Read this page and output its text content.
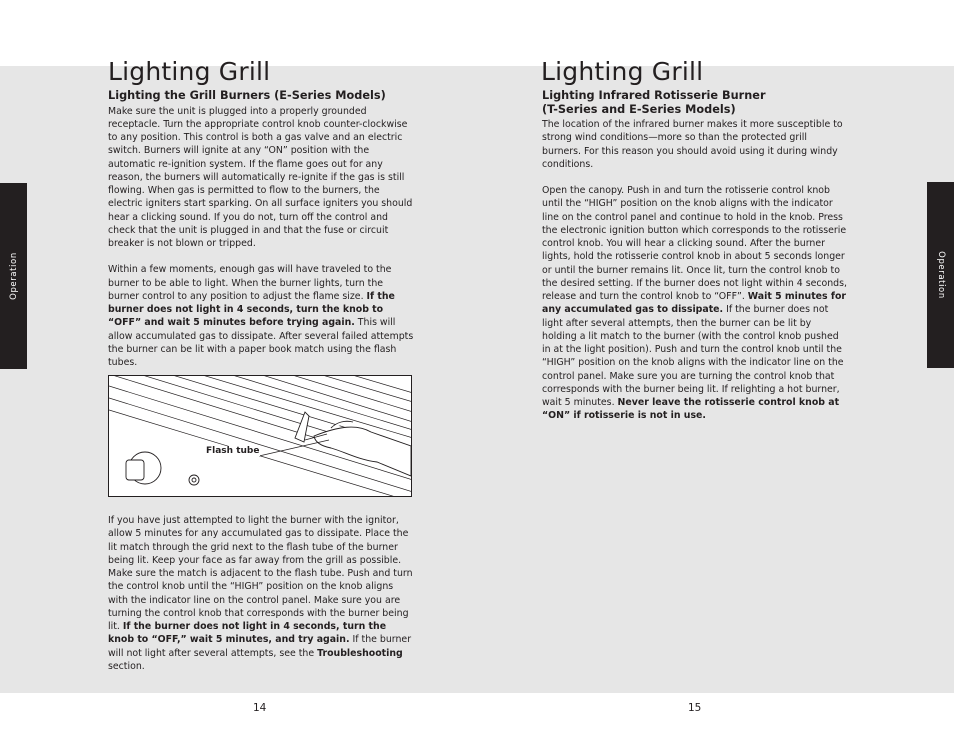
Lighting Grill	Lighting Grill
Operation	Operation
Lighting the Grill Burners (E-Series Models)

Make sure the unit is plugged into a properly grounded receptacle. Turn the appropriate control knob counter-clockwise to any position. This control is both a gas valve and an electric switch. Burners will ignite at any “ON” position with the automatic re-ignition system. If the flame goes out for any reason, the burners will automatically re-ignite if the gas is still flowing. When gas is permitted to flow to the burners, the electric igniters start sparking. On all surface igniters you should hear a clicking sound. If you do not, turn off the control and check that the unit is plugged in and that the fuse or circuit breaker is not blown or tripped.

Within a few moments, enough gas will have traveled to the burner to be able to light. When the burner lights, turn the burner control to any position to adjust the flame size. If the burner does not light in 4 seconds, turn the knob to “OFF” and wait 5 minutes before trying again. This will allow accumulated gas to dissipate. After several failed attempts the burner can be lit with a paper book match using the flash tubes.

Flash tube

If you have just attempted to light the burner with the ignitor, allow 5 minutes for any accumulated gas to dissipate. Place the lit match through the grid next to the flash tube of the burner being lit. Keep your face as far away from the grill as possible. Make sure the match is adjacent to the flash tube. Push and turn the control knob until the “HIGH” position on the knob aligns with the indicator line on the control panel. Make sure you are turning the control knob that corresponds with the burner being lit. If the burner does not light in 4 seconds, turn the knob to “OFF,” wait 5 minutes, and try again. If the burner will not light after several attempts, see the Troubleshooting section.

Lighting Infrared Rotisserie Burner
(T-Series and E-Series Models)

The location of the infrared burner makes it more susceptible to strong wind conditions—more so than the protected grill burners. For this reason you should avoid using it during windy conditions.

Open the canopy. Push in and turn the rotisserie control knob until the “HIGH” position on the knob aligns with the indicator line on the control panel and continue to hold in the knob. Press the electronic ignition button which corresponds to the rotisserie control knob. You will hear a clicking sound. After the burner lights, hold the rotisserie control knob in about 5 seconds longer or until the burner remains lit. Once lit, turn the control knob to the desired setting. If the burner does not light within 4 seconds, release and turn the control knob to “OFF”. Wait 5 minutes for any accumulated gas to dissipate. If the burner does not light after several attempts, then the burner can be lit by holding a lit match to the burner (with the control knob pushed in at the light position). Push and turn the control knob until the “HIGH” position on the knob aligns with the indicator line on the control panel. Make sure you are turning the control knob that corresponds with the burner being lit. If relighting a hot burner, wait 5 minutes. Never leave the rotisserie control knob at “ON” if rotisserie is not in use.

14	15
